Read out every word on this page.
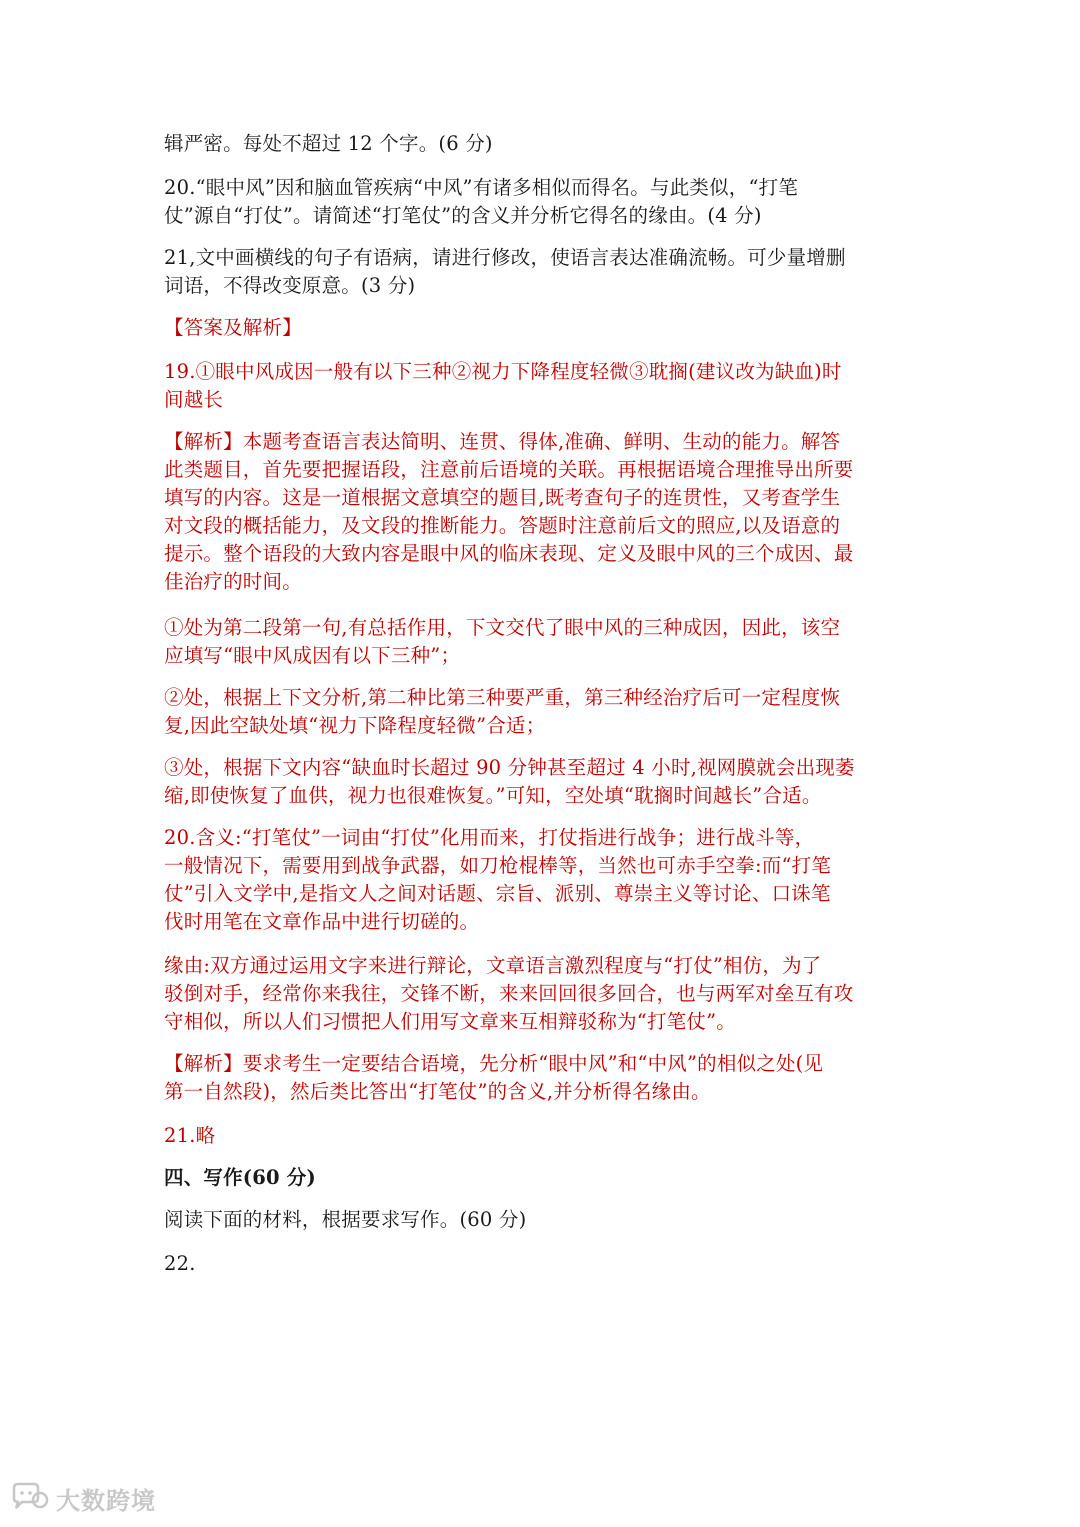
辑严密。每处不超过 12 个字。(6 分)

20.“眼中风”因和脑血管疾病“中风”有诸多相似而得名。与此类似，“打笔
仗”源自“打仗”。请简述“打笔仗”的含义并分析它得名的缘由。(4 分)

21,文中画横线的句子有语病，请进行修改，使语言表达准确流畅。可少量增删
词语，不得改变原意。(3 分)

【答案及解析】

19.①眼中风成因一般有以下三种②视力下降程度轻微③耽搁(建议改为缺血)时
间越长

【解析】本题考查语言表达简明、连贯、得体,准确、鲜明、生动的能力。解答
此类题目，首先要把握语段，注意前后语境的关联。再根据语境合理推导出所要
填写的内容。这是一道根据文意填空的题目,既考查句子的连贯性，又考查学生
对文段的概括能力，及文段的推断能力。答题时注意前后文的照应,以及语意的
提示。整个语段的大致内容是眼中风的临床表现、定义及眼中风的三个成因、最
佳治疗的时间。

①处为第二段第一句,有总括作用，下文交代了眼中风的三种成因，因此，该空
应填写“眼中风成因有以下三种”；

②处，根据上下文分析,第二种比第三种要严重，第三种经治疗后可一定程度恢
复,因此空缺处填“视力下降程度轻微”合适；

③处，根据下文内容“缺血时长超过 90 分钟甚至超过 4 小时,视网膜就会出现萎
缩,即使恢复了血供，视力也很难恢复。”可知，空处填“耽搁时间越长”合适。

20.含义:“打笔仗”一词由“打仗”化用而来，打仗指进行战争；进行战斗等，
一般情况下，需要用到战争武器，如刀枪棍棒等，当然也可赤手空拳:而“打笔
仗”引入文学中,是指文人之间对话题、宗旨、派别、尊崇主义等讨论、口诛笔
伐时用笔在文章作品中进行切磋的。

缘由:双方通过运用文字来进行辩论，文章语言激烈程度与“打仗”相仿，为了
驳倒对手，经常你来我往，交锋不断，来来回回很多回合，也与两军对垒互有攻
守相似，所以人们习惯把人们用写文章来互相辩驳称为“打笔仗”。

【解析】要求考生一定要结合语境，先分析“眼中风”和“中风”的相似之处(见
第一自然段)，然后类比答出“打笔仗”的含义,并分析得名缘由。

21.略

四、写作(60 分)

阅读下面的材料，根据要求写作。(60 分)

22.

大数跨境
